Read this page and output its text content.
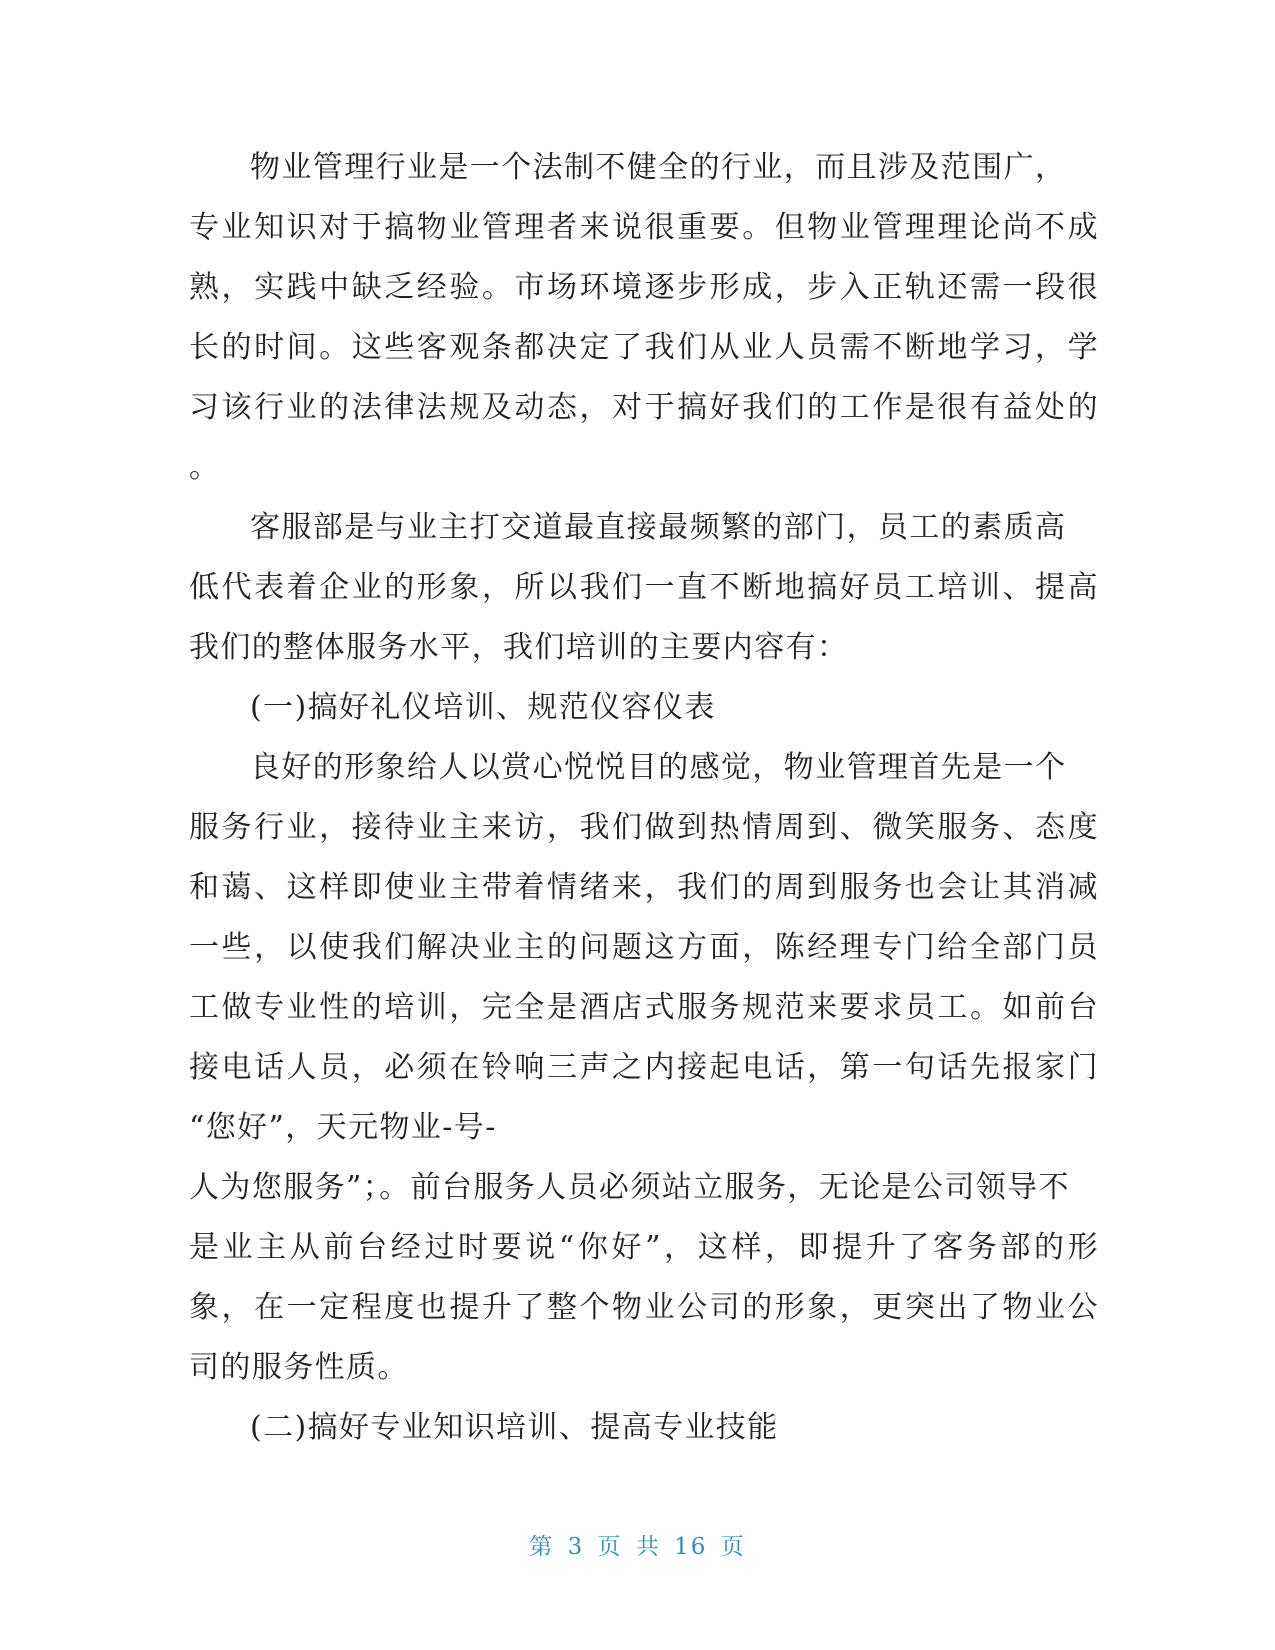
物业管理行业是一个法制不健全的行业，而且涉及范围广，
专业知识对于搞物业管理者来说很重要。但物业管理理论尚不成
熟，实践中缺乏经验。市场环境逐步形成，步入正轨还需一段很
长的时间。这些客观条都决定了我们从业人员需不断地学习，学
习该行业的法律法规及动态，对于搞好我们的工作是很有益处的
。
客服部是与业主打交道最直接最频繁的部门，员工的素质高
低代表着企业的形象，所以我们一直不断地搞好员工培训、提高
我们的整体服务水平，我们培训的主要内容有：
(一)搞好礼仪培训、规范仪容仪表
良好的形象给人以赏心悦悦目的感觉，物业管理首先是一个
服务行业，接待业主来访，我们做到热情周到、微笑服务、态度
和蔼、这样即使业主带着情绪来，我们的周到服务也会让其消减
一些，以使我们解决业主的问题这方面，陈经理专门给全部门员
工做专业性的培训，完全是酒店式服务规范来要求员工。如前台
接电话人员，必须在铃响三声之内接起电话，第一句话先报家门
“您好”，天元物业-号-
人为您服务”；。前台服务人员必须站立服务，无论是公司领导不
是业主从前台经过时要说“你好”，这样，即提升了客务部的形
象，在一定程度也提升了整个物业公司的形象，更突出了物业公
司的服务性质。
(二)搞好专业知识培训、提高专业技能
第 3 页 共 16 页
